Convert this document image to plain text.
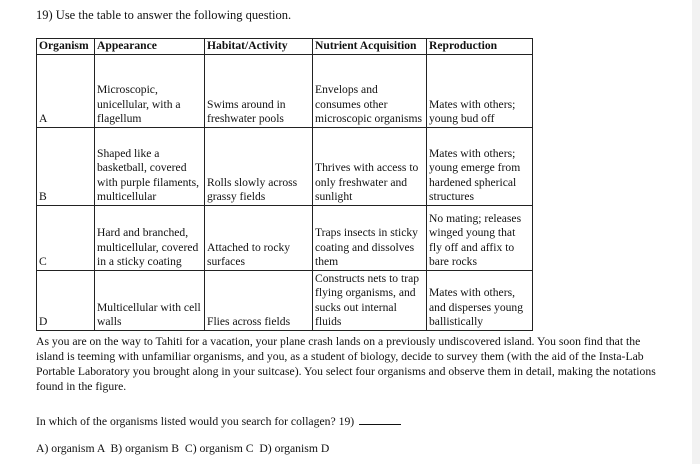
19) Use the table to answer the following question.
Organism	Appearance	Habitat/Activity	Nutrient Acquisition	Reproduction
A	Microscopic, unicellular, with a flagellum	Swims around in freshwater pools	Envelops and consumes other microscopic organisms	Mates with others; young bud off
B	Shaped like a basketball, covered with purple filaments, multicellular	Rolls slowly across grassy fields	Thrives with access to only freshwater and sunlight	Mates with others; young emerge from hardened spherical structures
C	Hard and branched, multicellular, covered in a sticky coating	Attached to rocky surfaces	Traps insects in sticky coating and dissolves them	No mating; releases winged young that fly off and affix to bare rocks
D	Multicellular with cell walls	Flies across fields	Constructs nets to trap flying organisms, and sucks out internal fluids	Mates with others, and disperses young ballistically
As you are on the way to Tahiti for a vacation, your plane crash lands on a previously undiscovered island. You soon find that the island is teeming with unfamiliar organisms, and you, as a student of biology, decide to survey them (with the aid of the Insta-Lab Portable Laboratory you brought along in your suitcase). You select four organisms and observe them in detail, making the notations found in the figure.
In which of the organisms listed would you search for collagen? 19)
A) organism A  B) organism B  C) organism C  D) organism D
